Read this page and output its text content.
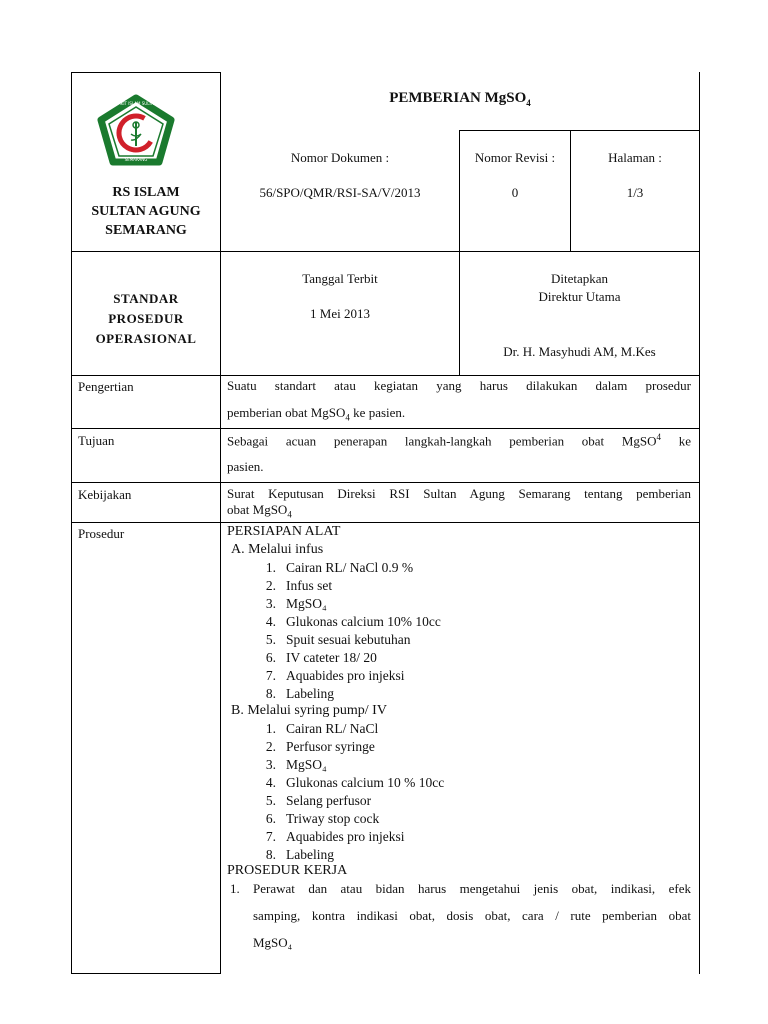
RUMAH SAKIT ISLAM SULTAN AGUNG
SEMARANG
RS ISLAM
SULTAN AGUNG
SEMARANG
PEMBERIAN MgSO$_4$
Nomor Dokumen :
56/SPO/QMR/RSI-SA/V/2013
Nomor Revisi :
0
Halaman :
1/3
STANDAR
PROSEDUR
OPERASIONAL
Tanggal Terbit
1 Mei 2013
Ditetapkan
Direktur Utama
Dr. H. Masyhudi AM, M.Kes
Pengertian	Suatu standart atau kegiatan yang harus dilakukan dalam prosedur
pemberian obat MgSO$_4$ ke pasien.
Tujuan	Sebagai acuan penerapan langkah-langkah pemberian obat MgSO$^4$ ke
pasien.
Kebijakan	Surat Keputusan Direksi RSI Sultan Agung Semarang tentang pemberian
obat MgSO$_4$
Prosedur	PERSIAPAN ALAT
A. Melalui infus
1. Cairan RL/ NaCl 0.9 %
2. Infus set
3. MgSO₄
4. Glukonas calcium 10% 10cc
5. Spuit sesuai kebutuhan
6. IV cateter 18/ 20
7. Aquabides pro injeksi
8. Labeling
B. Melalui syring pump/ IV
1. Cairan RL/ NaCl
2. Perfusor syringe
3. MgSO₄
4. Glukonas calcium 10 % 10cc
5. Selang perfusor
6. Triway stop cock
7. Aquabides pro injeksi
8. Labeling
PROSEDUR KERJA
1. Perawat dan atau bidan harus mengetahui jenis obat, indikasi, efek
samping, kontra indikasi obat, dosis obat, cara / rute pemberian obat
MgSO₄
